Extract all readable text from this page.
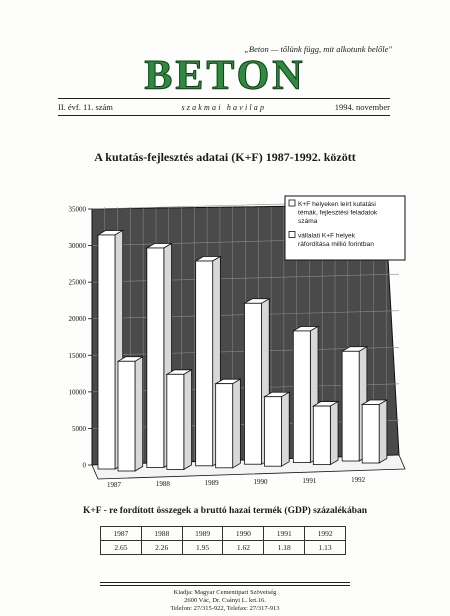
„Beton — tőlünk függ, mit alkotunk belőle"
BETON
II. évf. 11. szám	szakmai havilap	1994. november
A kutatás-fejlesztés adatai (K+F) 1987-1992. között
0
5000
10000
15000
20000
25000
30000
35000
1987	1988	1989	1990	1991	1992
K+F helyeken leírt kutatási
témák, fejlesztési feladatok
száma
vállalati K+F helyek
ráfordítása millió forintban
K+F - re fordított összegek a bruttó hazai termék (GDP) százalékában
1987	1988	1989	1990	1991	1992
2.65	2.26	1.95	1.62	1.18	1.13
Kiadja: Magyar Cementipari Szövetség
2600 Vác, Dr. Csányi L. krt.16.
Telefon: 27/315-922, Telefax: 27/317-913
